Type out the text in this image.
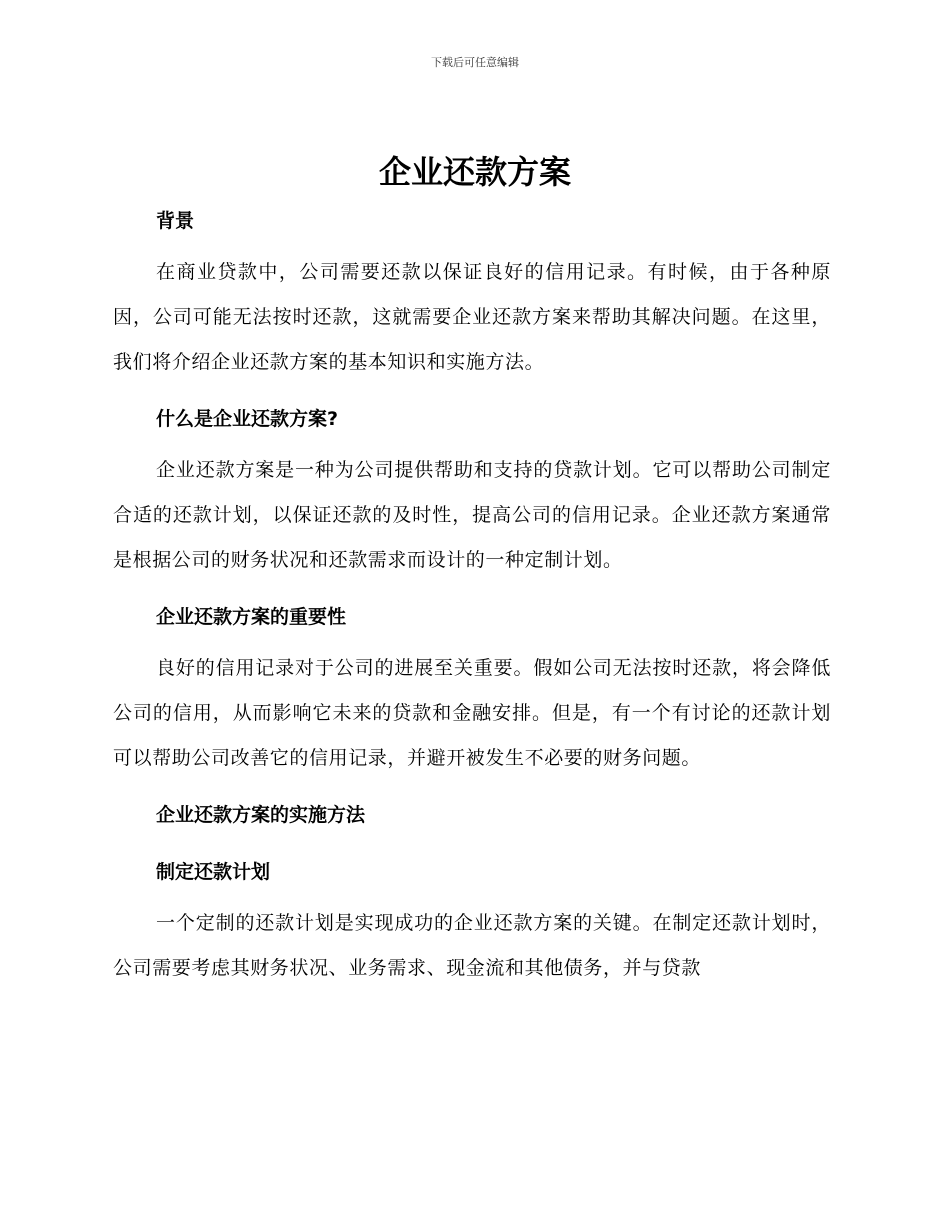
下载后可任意编辑
企业还款方案
背景

在商业贷款中，公司需要还款以保证良好的信用记录。有时候，由于各种原因，公司可能无法按时还款，这就需要企业还款方案来帮助其解决问题。在这里，我们将介绍企业还款方案的基本知识和实施方法。

什么是企业还款方案?

企业还款方案是一种为公司提供帮助和支持的贷款计划。它可以帮助公司制定合适的还款计划，以保证还款的及时性，提高公司的信用记录。企业还款方案通常是根据公司的财务状况和还款需求而设计的一种定制计划。

企业还款方案的重要性

良好的信用记录对于公司的进展至关重要。假如公司无法按时还款，将会降低公司的信用，从而影响它未来的贷款和金融安排。但是，有一个有讨论的还款计划可以帮助公司改善它的信用记录，并避开被发生不必要的财务问题。

企业还款方案的实施方法
制定还款计划

一个定制的还款计划是实现成功的企业还款方案的关键。在制定还款计划时，公司需要考虑其财务状况、业务需求、现金流和其他债务，并与贷款
